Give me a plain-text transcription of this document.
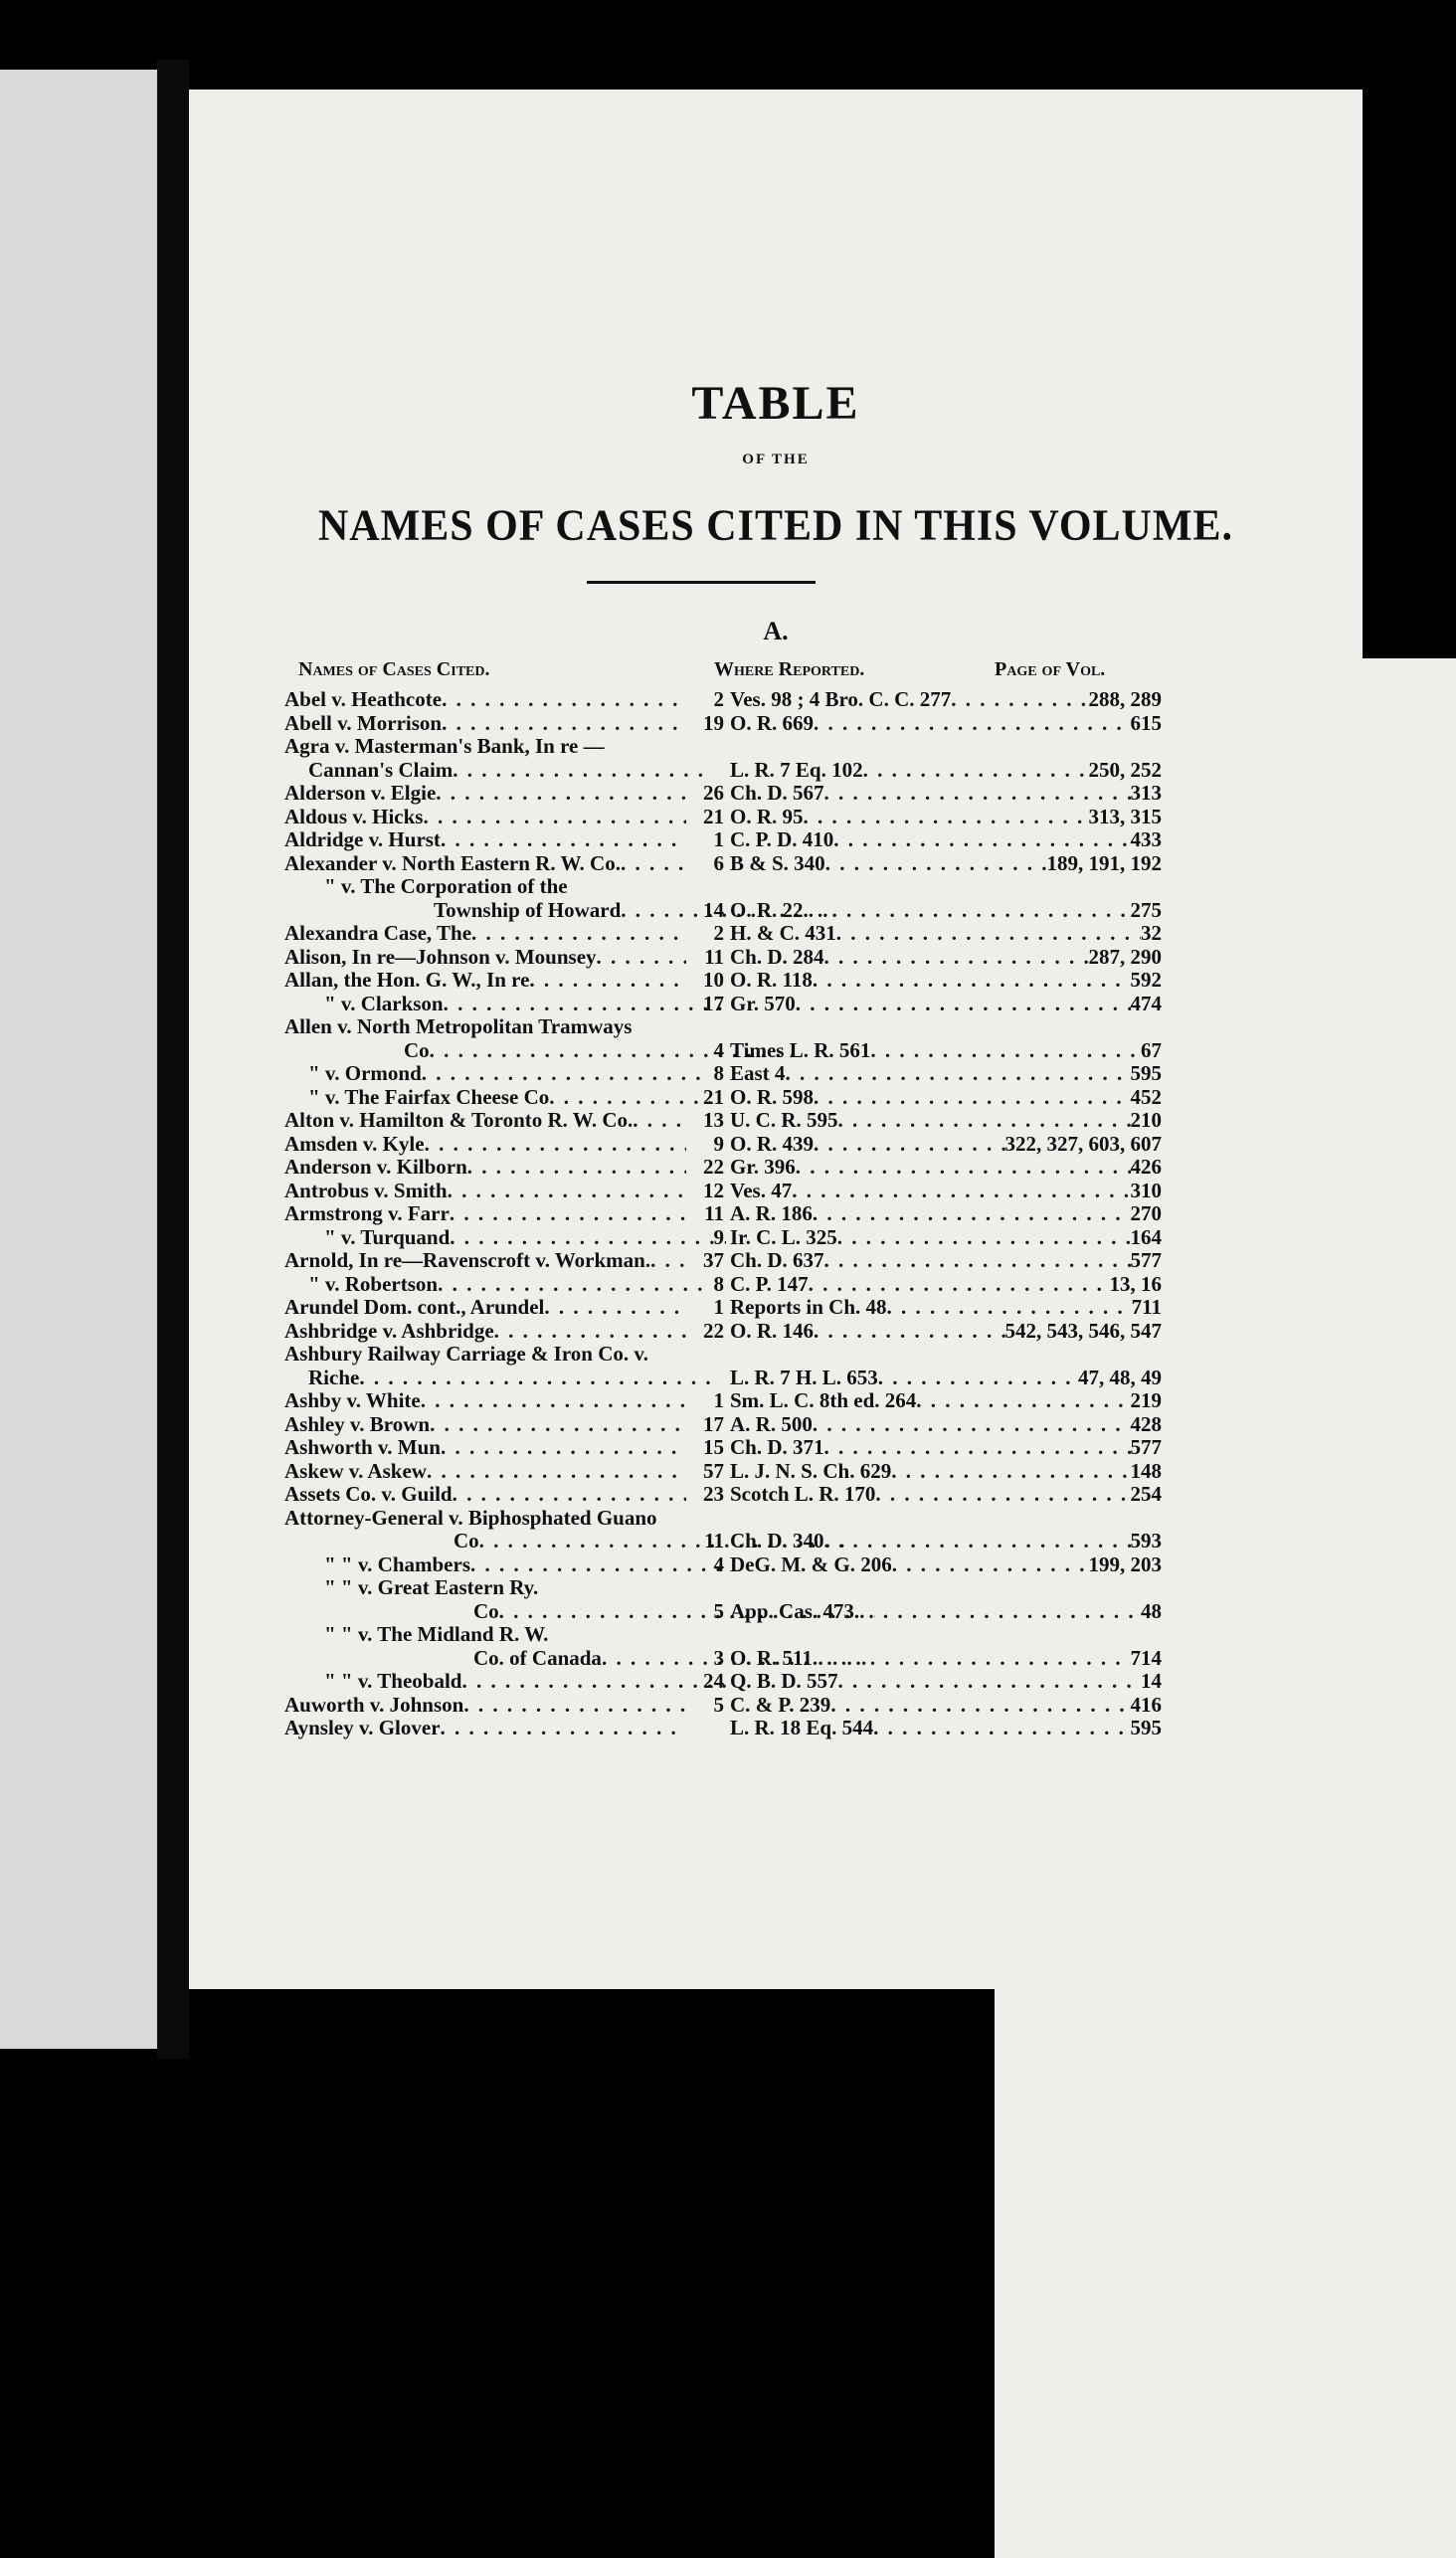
TABLE
OF THE
NAMES OF CASES CITED IN THIS VOLUME.
A.
Names of Cases Cited.	Where Reported.	Page of Vol.
Abel v. Heathcote . . .	2 Ves. 98 ; 4 Bro. C. C. 277 . . .	288, 289
Abell v. Morrison . . .	19 O. R. 669 . . .	615
Agra v. Masterman's Bank, In re —
Cannan's Claim . . .	L. R. 7 Eq. 102 . . .	250, 252
Alderson v. Elgie . . .	26 Ch. D. 567 . . .	313
Aldous v. Hicks . . .	21 O. R. 95 . . .	313, 315
Aldridge v. Hurst . . .	1 C. P. D. 410 . . .	433
Alexander v. North Eastern R. W. Co. . . .	6 B & S. 340 . . .	189, 191, 192
" v. The Corporation of the
Township of Howard . . .	14 O. R. 22 . . .	275
Alexandra Case, The . . .	2 H. & C. 431 . . .	32
Alison, In re—Johnson v. Mounsey . . .	11 Ch. D. 284 . . .	287, 290
Allan, the Hon. G. W., In re . . .	10 O. R. 118 . . .	592
" v. Clarkson . . .	17 Gr. 570 . . .	474
Allen v. North Metropolitan Tramways
Co . . .	4 Times L. R. 561 . . .	67
" v. Ormond . . .	8 East 4 . . .	595
" v. The Fairfax Cheese Co . . .	21 O. R. 598 . . .	452
Alton v. Hamilton & Toronto R. W. Co. . . .	13 U. C. R. 595 . . .	210
Amsden v. Kyle . . .	9 O. R. 439 . . .	322, 327, 603, 607
Anderson v. Kilborn . . .	22 Gr. 396 . . .	426
Antrobus v. Smith . . .	12 Ves. 47 . . .	310
Armstrong v. Farr . . .	11 A. R. 186 . . .	270
" v. Turquand . . .	9 Ir. C. L. 325 . . .	164
Arnold, In re—Ravenscroft v. Workman. . . .	37 Ch. D. 637 . . .	577
" v. Robertson . . .	8 C. P. 147 . . .	13, 16
Arundel Dom. cont., Arundel . . .	1 Reports in Ch. 48 . . .	711
Ashbridge v. Ashbridge . . .	22 O. R. 146 . . .	542, 543, 546, 547
Ashbury Railway Carriage & Iron Co. v.
Riche . . .	L. R. 7 H. L. 653 . . .	47, 48, 49
Ashby v. White . . .	1 Sm. L. C. 8th ed. 264 . . .	219
Ashley v. Brown . . .	17 A. R. 500 . . .	428
Ashworth v. Mun . . .	15 Ch. D. 371 . . .	577
Askew v. Askew . . .	57 L. J. N. S. Ch. 629 . . .	148
Assets Co. v. Guild . . .	23 Scotch L. R. 170 . . .	254
Attorney-General v. Biphosphated Guano
Co . . .	11 Ch. D. 340 . . .	593
" " v. Chambers . . .	4 DeG. M. & G. 206 . . .	199, 203
" " v. Great Eastern Ry.
Co . . .	5 App. Cas. 473 . . .	48
" " v. The Midland R. W.
Co. of Canada . . .	3 O. R. 511 . . .	714
" " v. Theobald . . .	24 Q. B. D. 557 . . .	14
Auworth v. Johnson . . .	5 C. & P. 239 . . .	416
Aynsley v. Glover . . .	L. R. 18 Eq. 544 . . .	595
